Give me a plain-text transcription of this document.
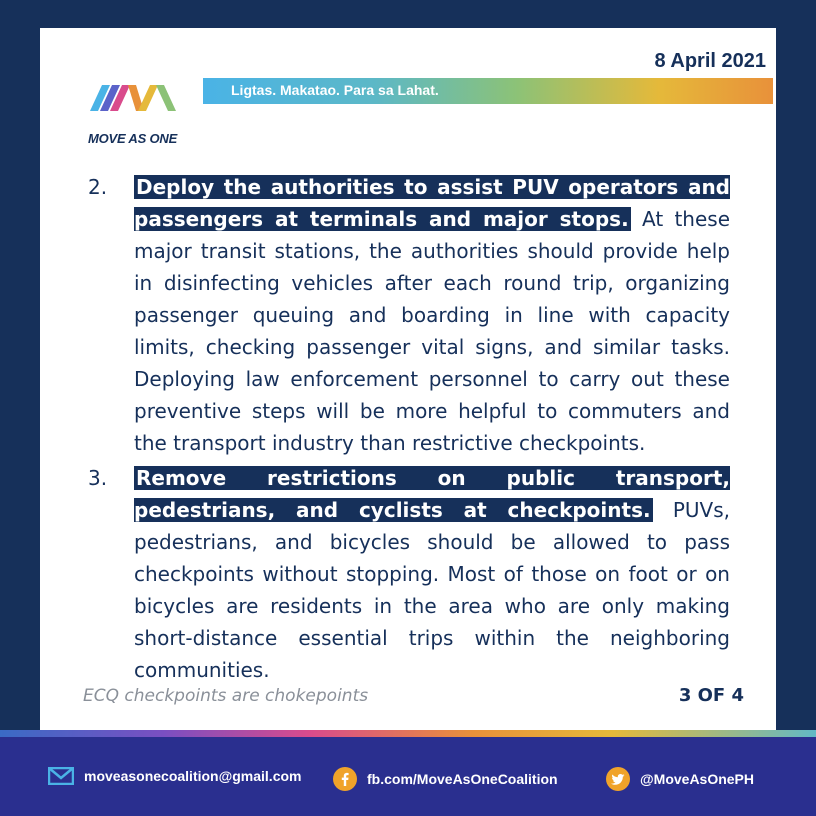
8 April 2021
MOVE AS ONE
Ligtas. Makatao. Para sa Lahat.
2.	Deploy the authorities to assist PUV operators and passengers at terminals and major stops. At these major transit stations, the authorities should provide help in disinfecting vehicles after each round trip, organizing passenger queuing and boarding in line with capacity limits, checking passenger vital signs, and similar tasks. Deploying law enforcement personnel to carry out these preventive steps will be more helpful to commuters and the transport industry than restrictive checkpoints.
3.	Remove restrictions on public transport, pedestrians, and cyclists at checkpoints. PUVs, pedestrians, and bicycles should be allowed to pass checkpoints without stopping. Most of those on foot or on bicycles are residents in the area who are only making short-distance essential trips within the neighboring communities.
ECQ checkpoints are chokepoints	3 OF 4
moveasonecoalition@gmail.com	fb.com/MoveAsOneCoalition	@MoveAsOnePH
